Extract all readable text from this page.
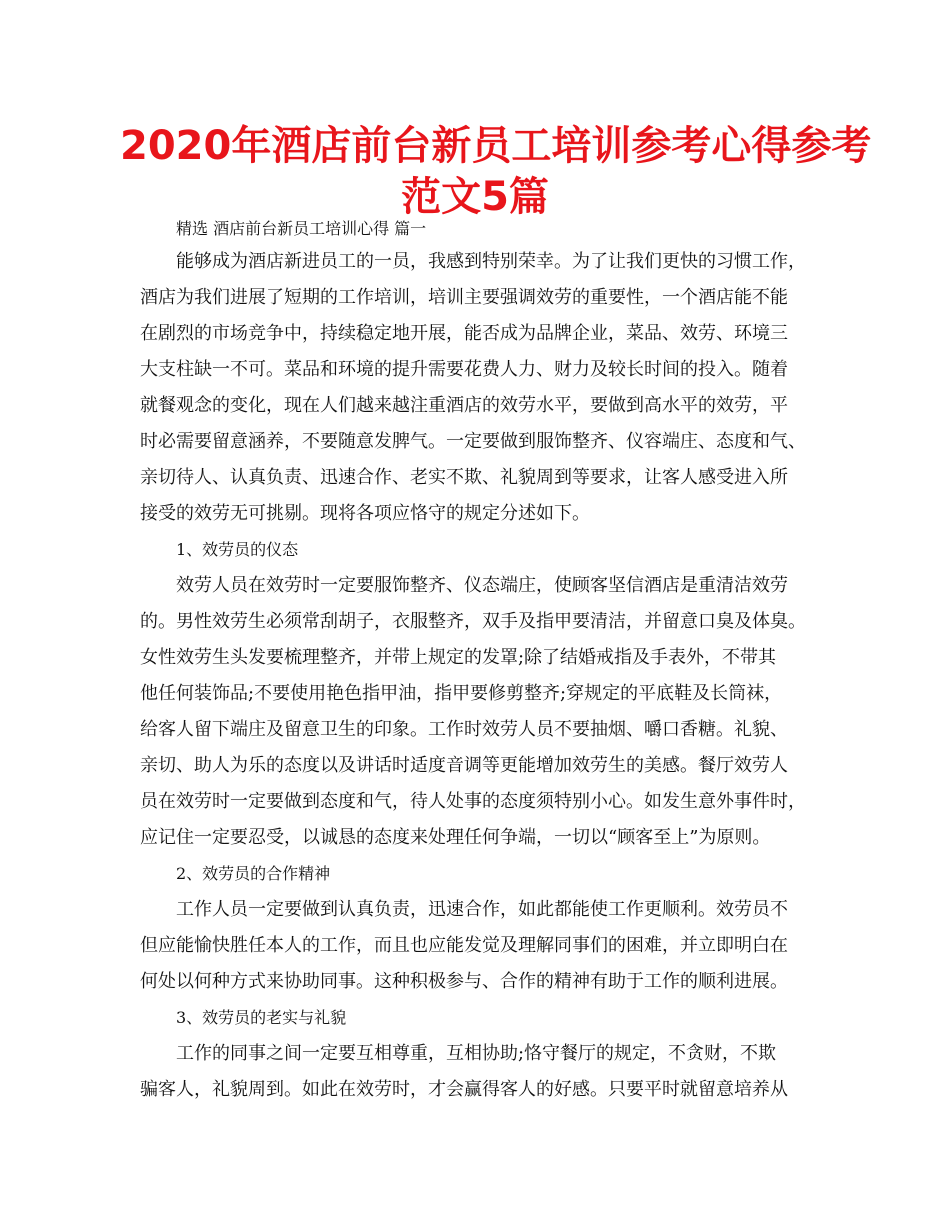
2020年酒店前台新员工培训参考心得参考
范文5篇
精选 酒店前台新员工培训心得 篇一
能够成为酒店新进员工的一员，我感到特别荣幸。为了让我们更快的习惯工作，
酒店为我们进展了短期的工作培训，培训主要强调效劳的重要性，一个酒店能不能
在剧烈的市场竞争中，持续稳定地开展，能否成为品牌企业，菜品、效劳、环境三
大支柱缺一不可。菜品和环境的提升需要花费人力、财力及较长时间的投入。随着
就餐观念的变化，现在人们越来越注重酒店的效劳水平，要做到高水平的效劳，平
时必需要留意涵养，不要随意发脾气。一定要做到服饰整齐、仪容端庄、态度和气、
亲切待人、认真负责、迅速合作、老实不欺、礼貌周到等要求，让客人感受进入所
接受的效劳无可挑剔。现将各项应恪守的规定分述如下。
1、效劳员的仪态
效劳人员在效劳时一定要服饰整齐、仪态端庄，使顾客坚信酒店是重清洁效劳
的。男性效劳生必须常刮胡子，衣服整齐，双手及指甲要清洁，并留意口臭及体臭。
女性效劳生头发要梳理整齐，并带上规定的发罩;除了结婚戒指及手表外，不带其
他任何装饰品;不要使用艳色指甲油，指甲要修剪整齐;穿规定的平底鞋及长筒袜，
给客人留下端庄及留意卫生的印象。工作时效劳人员不要抽烟、嚼口香糖。礼貌、
亲切、助人为乐的态度以及讲话时适度音调等更能增加效劳生的美感。餐厅效劳人
员在效劳时一定要做到态度和气，待人处事的态度须特别小心。如发生意外事件时，
应记住一定要忍受，以诚恳的态度来处理任何争端，一切以“顾客至上”为原则。
2、效劳员的合作精神
工作人员一定要做到认真负责，迅速合作，如此都能使工作更顺利。效劳员不
但应能愉快胜任本人的工作，而且也应能发觉及理解同事们的困难，并立即明白在
何处以何种方式来协助同事。这种积极参与、合作的精神有助于工作的顺利进展。
3、效劳员的老实与礼貌
工作的同事之间一定要互相尊重，互相协助;恪守餐厅的规定，不贪财，不欺
骗客人，礼貌周到。如此在效劳时，才会赢得客人的好感。只要平时就留意培养从
